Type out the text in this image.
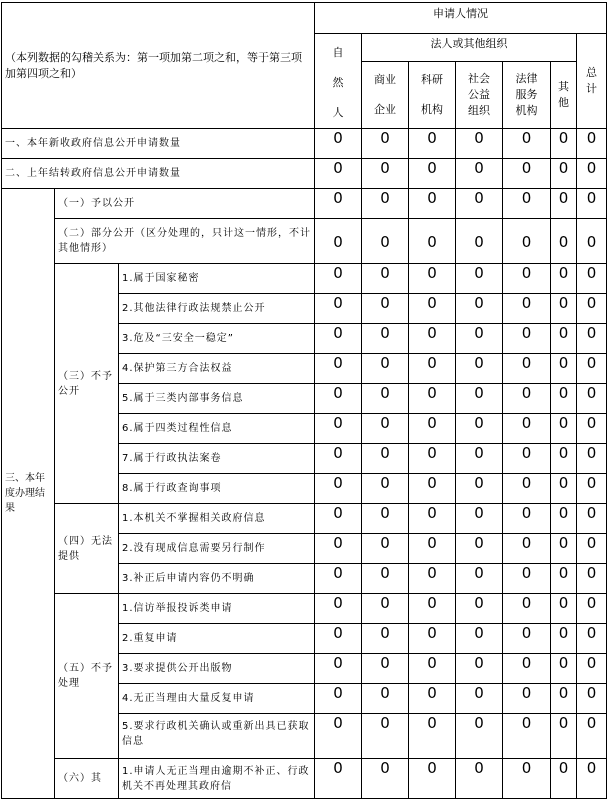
（本列数据的勾稽关系为：第一项加第二项之和，等于第三项加第四项之和）			申请人情况						

			自然人	法人或其他组织					总计

				商业企业	科研机构	社会公益组织	法律服务机构	其他	

一、本年新收政府信息公开申请数量			0	0	0	0	0	0	0
二、上年结转政府信息公开申请数量			0	0	0	0	0	0	0
三、本年度办理结果	（一）予以公开		0	0	0	0	0	0	0
	（二）部分公开（区分处理的，只计这一情形，不计其他情形）		0	0	0	0	0	0	0
	（三）不予公开	1.属于国家秘密	0	0	0	0	0	0	0
		2.其他法律行政法规禁止公开	0	0	0	0	0	0	0
		3.危及“三安全一稳定”	0	0	0	0	0	0	0
		4.保护第三方合法权益	0	0	0	0	0	0	0
		5.属于三类内部事务信息	0	0	0	0	0	0	0
		6.属于四类过程性信息	0	0	0	0	0	0	0
		7.属于行政执法案卷	0	0	0	0	0	0	0
		8.属于行政查询事项	0	0	0	0	0	0	0
	（四）无法提供	1.本机关不掌握相关政府信息	0	0	0	0	0	0	0
		2.没有现成信息需要另行制作	0	0	0	0	0	0	0
		3.补正后申请内容仍不明确	0	0	0	0	0	0	0
	（五）不予处理	1.信访举报投诉类申请	0	0	0	0	0	0	0
		2.重复申请	0	0	0	0	0	0	0
		3.要求提供公开出版物	0	0	0	0	0	0	0
		4.无正当理由大量反复申请	0	0	0	0	0	0	0
		5.要求行政机关确认或重新出具已获取信息	0	0	0	0	0	0	0
	（六）其	1.申请人无正当理由逾期不补正、行政机关不再处理其政府信	0	0	0	0	0	0	0
